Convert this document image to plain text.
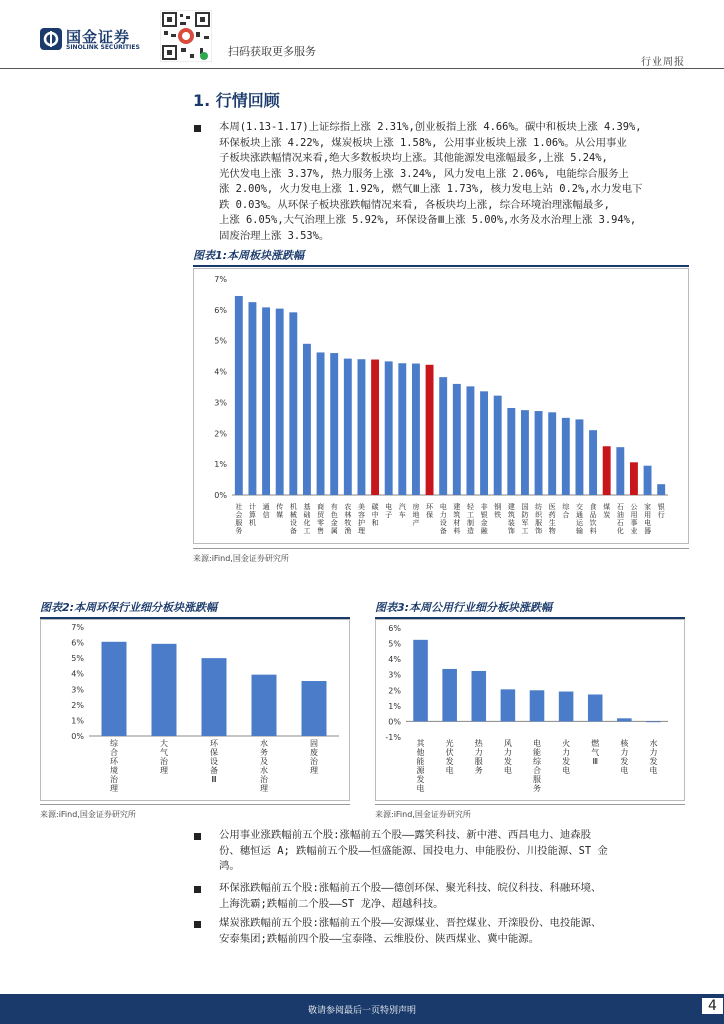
国金证券
SINOLINK SECURITIES	扫码获取更多服务
行业周报
1. 行情回顾
本周(1.13-1.17)上证综指上涨 2.31%,创业板指上涨 4.66%。碳中和板块上涨 4.39%,
环保板块上涨 4.22%, 煤炭板块上涨 1.58%, 公用事业板块上涨 1.06%。从公用事业
子板块涨跌幅情况来看,绝大多数板块均上涨。其他能源发电涨幅最多,上涨 5.24%,
光伏发电上涨 3.37%, 热力服务上涨 3.24%, 风力发电上涨 2.06%, 电能综合服务上
涨 2.00%, 火力发电上涨 1.92%, 燃气Ⅲ上涨 1.73%, 核力发电上站 0.2%,水力发电下
跌 0.03%。从环保子板块涨跌幅情况来看, 各板块均上涨, 综合环境治理涨幅最多,
上涨 6.05%,大气治理上涨 5.92%, 环保设备Ⅲ上涨 5.00%,水务及水治理上涨 3.94%,
固废治理上涨 3.53%。
图表1:本周板块涨跌幅
0%
1%
2%
3%
4%
5%
6%
7%
社会服务
计算机
通信
传媒
机械设备
基础化工
商贸零售
有色金属
农林牧渔
美容护理
碳中和
电子
汽车
房地产
环保
电力设备
建筑材料
轻工制造
非银金融
钢铁
建筑装饰
国防军工
纺织服饰
医药生物
综合
交通运输
食品饮料
煤炭
石油石化
公用事业
家用电器
银行
来源:iFind,国金证券研究所
图表2:本周环保行业细分板块涨跌幅
0%
1%
2%
3%
4%
5%
6%
7%
综合环境治理
大气治理
环保设备 Ⅲ
水务及水治理
固废治理
来源:iFind,国金证券研究所
图表3:本周公用行业细分板块涨跌幅
-1%
0%
1%
2%
3%
4%
5%
6%
其他能源发电
光伏发电
热力服务
风力发电
电能综合服务
火力发电
燃气 Ⅲ
核力发电
水力发电
来源:iFind,国金证券研究所
公用事业涨跌幅前五个股:涨幅前五个股——露笑科技、新中港、西昌电力、迪森股
份、穗恒运 A; 跌幅前五个股——恒盛能源、国投电力、申能股份、川投能源、ST 金
鸿。
环保涨跌幅前五个股:涨幅前五个股——德创环保、聚光科技、皖仪科技、科融环境、
上海洗霸;跌幅前二个股——ST 龙净、超越科技。
煤炭涨跌幅前五个股:涨幅前五个股——安源煤业、晋控煤业、开滦股份、电投能源、
安泰集团;跌幅前四个股——宝泰隆、云维股份、陕西煤业、冀中能源。
敬请参阅最后一页特别声明	4
